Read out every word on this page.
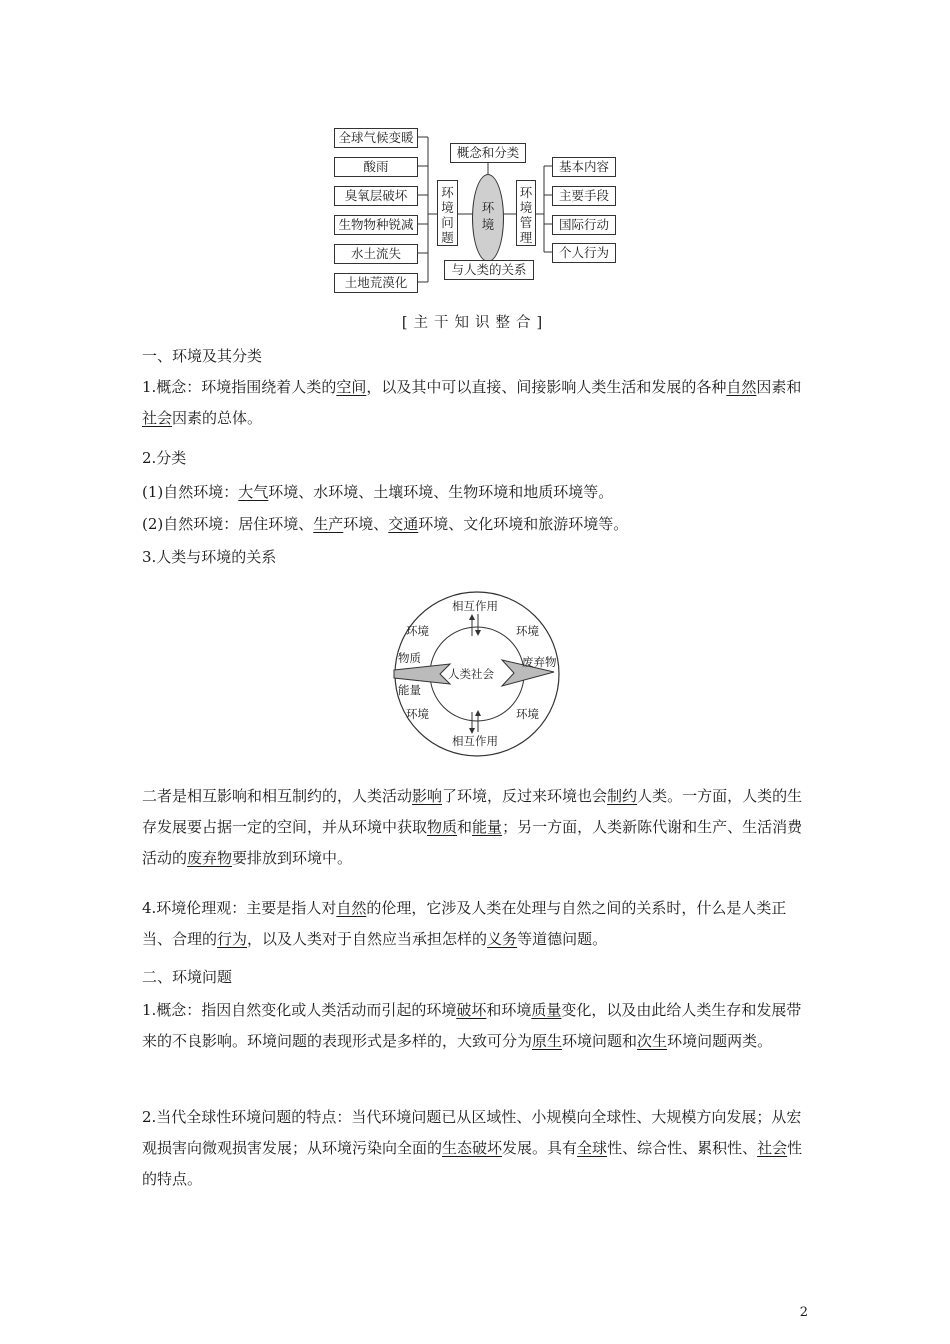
全球气候变暖
酸雨
臭氧层破坏
生物物种锐减
水土流失
土地荒漠化
环境问题
概念和分类
环境
环境管理
与人类的关系
基本内容
主要手段
国际行动
个人行为
[主干知识整合]
一、环境及其分类
1.概念：环境指围绕着人类的空间，以及其中可以直接、间接影响人类生活和发展的各种自然因素和社会因素的总体。
2.分类
(1)自然环境：大气环境、水环境、土壤环境、生物环境和地质环境等。
(2)自然环境：居住环境、生产环境、交通环境、文化环境和旅游环境等。
3.人类与环境的关系
相互作用
环境	环境
物质
人类社会
废弃物
能量
环境	环境
相互作用
二者是相互影响和相互制约的，人类活动影响了环境，反过来环境也会制约人类。一方面，人类的生存发展要占据一定的空间，并从环境中获取物质和能量；另一方面，人类新陈代谢和生产、生活消费活动的废弃物要排放到环境中。
4.环境伦理观：主要是指人对自然的伦理，它涉及人类在处理与自然之间的关系时，什么是人类正当、合理的行为，以及人类对于自然应当承担怎样的义务等道德问题。
二、环境问题
1.概念：指因自然变化或人类活动而引起的环境破坏和环境质量变化，以及由此给人类生存和发展带来的不良影响。环境问题的表现形式是多样的，大致可分为原生环境问题和次生环境问题两类。
2.当代全球性环境问题的特点：当代环境问题已从区域性、小规模向全球性、大规模方向发展；从宏观损害向微观损害发展；从环境污染向全面的生态破坏发展。具有全球性、综合性、累积性、社会性的特点。
2
